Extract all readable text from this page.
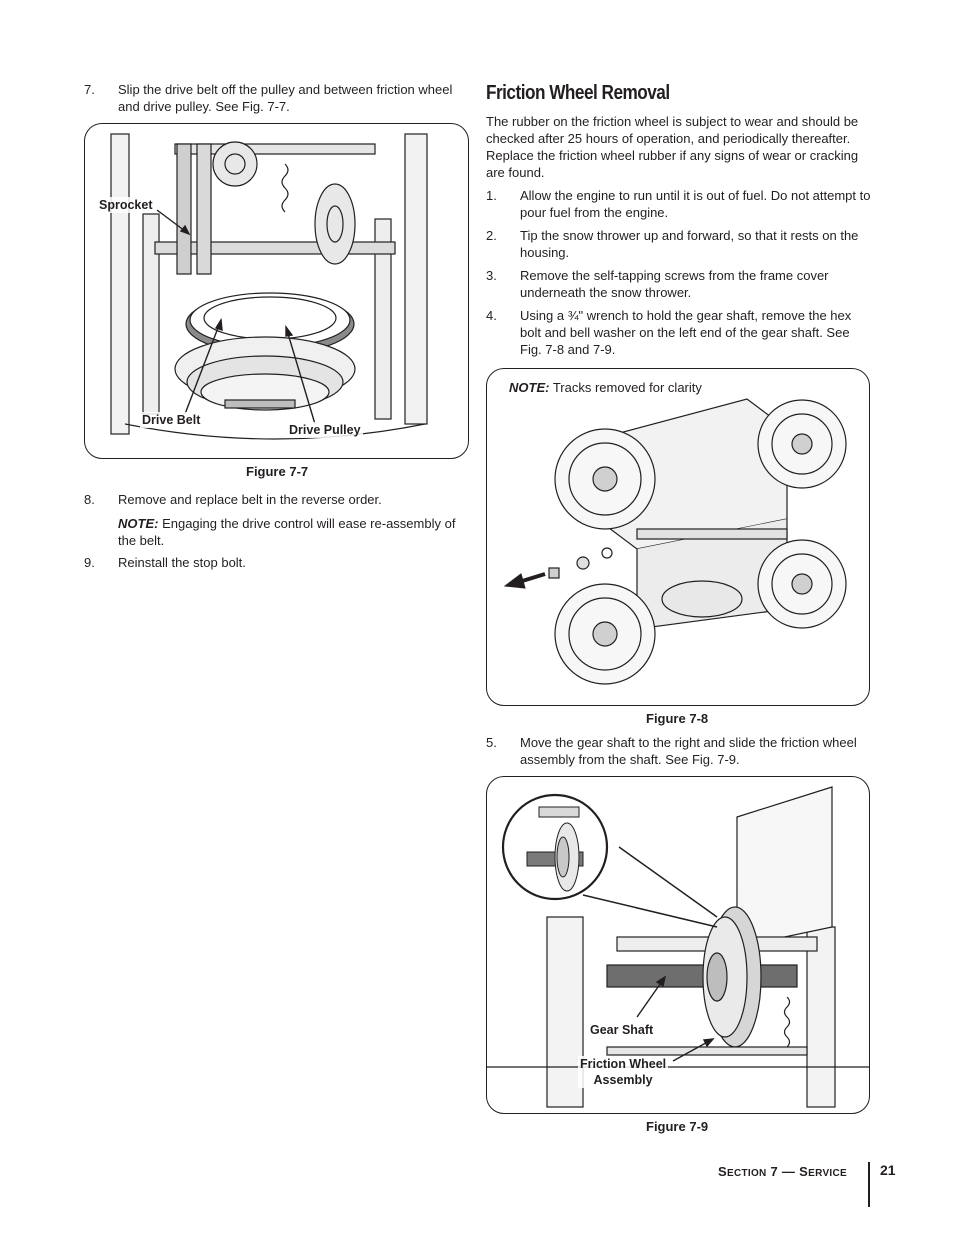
7.	Slip the drive belt off the pulley and between friction wheel and drive pulley. See Fig. 7-7.
Sprocket
Drive Belt
Drive Pulley
Figure 7-7
8.	Remove and replace belt in the reverse order.
NOTE: Engaging the drive control will ease re-assembly of the belt.
9.	Reinstall the stop bolt.
Friction Wheel Removal
The rubber on the friction wheel is subject to wear and should be checked after 25 hours of operation, and periodically thereafter. Replace the friction wheel rubber if any signs of wear or cracking are found.
1.	Allow the engine to run until it is out of fuel. Do not attempt to pour fuel from the engine.
2.	Tip the snow thrower up and forward, so that it rests on the housing.
3.	Remove the self-tapping screws from the frame cover underneath the snow thrower.
4.	Using a ¾" wrench to hold the gear shaft, remove the hex bolt and bell washer on the left end of the gear shaft. See Fig. 7-8 and 7-9.
NOTE: Tracks removed for clarity
Figure 7-8
5.	Move the gear shaft to the right and slide the friction wheel assembly from the shaft. See Fig. 7-9.
Gear Shaft
Friction Wheel
Assembly
Figure 7-9
SECTION 7 — SERVICE 21
